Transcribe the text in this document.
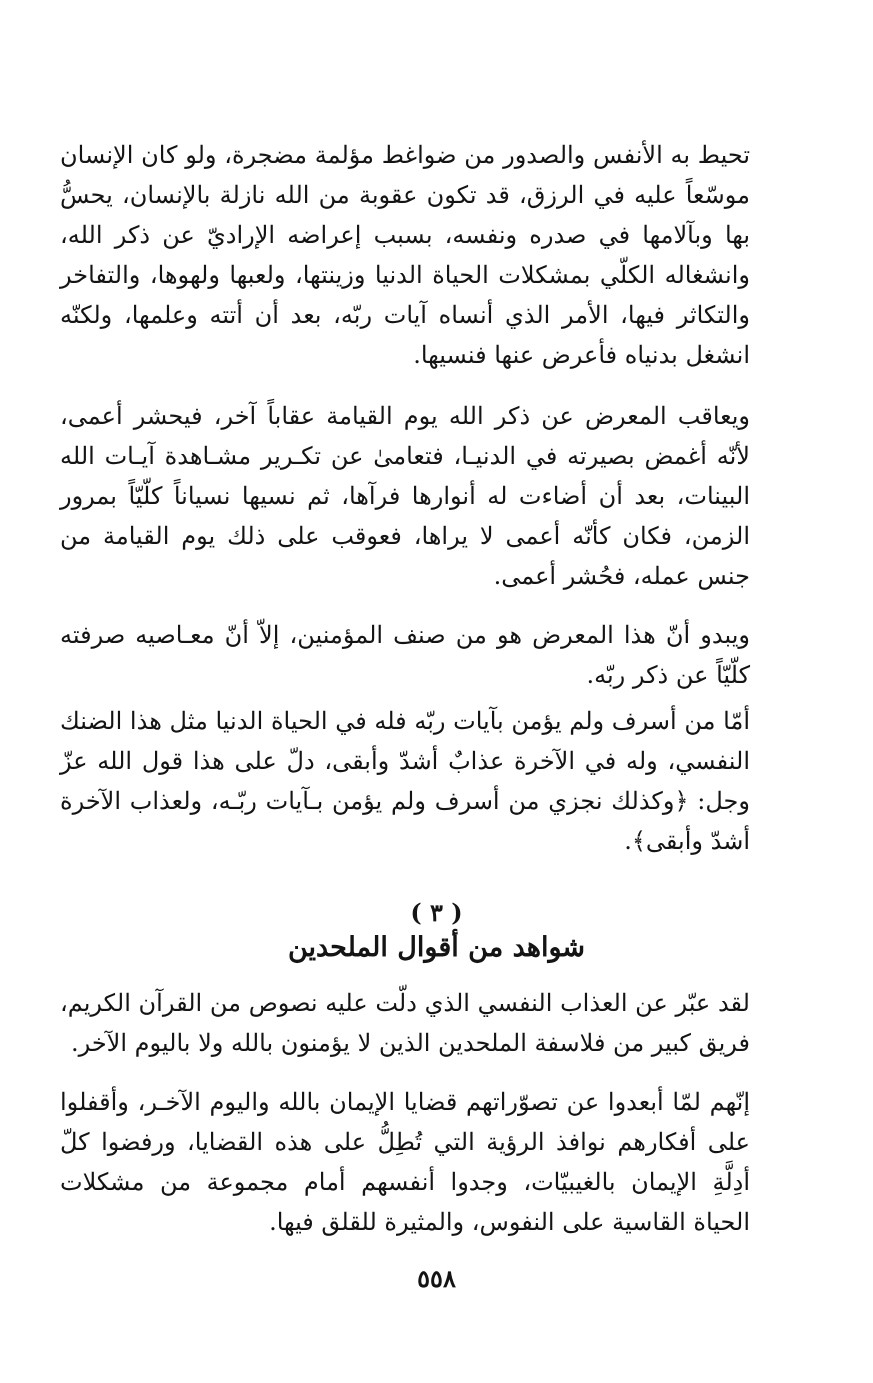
تحيط به الأنفس والصدور من ضواغط مؤلمة مضجرة، ولو كان الإنسان موسّعاً عليه في الرزق، قد تكون عقوبة من الله نازلة بالإنسان، يحسُّ بها وبآلامها في صدره ونفسه، بسبب إعراضه الإراديّ عن ذكر الله، وانشغاله الكلّي بمشكلات الحياة الدنيا وزينتها، ولعبها ولهوها، والتفاخر والتكاثر فيها، الأمر الذي أنساه آيات ربّه، بعد أن أتته وعلمها، ولكنّه انشغل بدنياه فأعرض عنها فنسيها.

ويعاقب المعرض عن ذكر الله يوم القيامة عقاباً آخر، فيحشر أعمى، لأنّه أغمض بصيرته في الدنيـا، فتعامىٰ عن تكـرير مشـاهدة آيـات الله البينات، بعد أن أضاءت له أنوارها فرآها، ثم نسيها نسياناً كلّيّاً بمرور الزمن، فكان كأنّه أعمى لا يراها، فعوقب على ذلك يوم القيامة من جنس عمله، فحُشر أعمى.

ويبدو أنّ هذا المعرض هو من صنف المؤمنين، إلاّ أنّ معـاصيه صرفته كلّيّاً عن ذكر ربّه.

أمّا من أسرف ولم يؤمن بآيات ربّه فله في الحياة الدنيا مثل هذا الضنك النفسي، وله في الآخرة عذابٌ أشدّ وأبقى، دلّ على هذا قول الله عزّ وجل: ﴿وكذلك نجزي من أسرف ولم يؤمن بـآيات ربّـه، ولعذاب الآخرة أشدّ وأبقى﴾.

( ٣ )
شواهد من أقوال الملحدين

لقد عبّر عن العذاب النفسي الذي دلّت عليه نصوص من القرآن الكريم، فريق كبير من فلاسفة الملحدين الذين لا يؤمنون بالله ولا باليوم الآخر.

إنّهم لمّا أبعدوا عن تصوّراتهم قضايا الإيمان بالله واليوم الآخـر، وأقفلوا على أفكارهم نوافذ الرؤية التي تُطِلُّ على هذه القضايا، ورفضوا كلّ أدِلَّةِ الإيمان بالغيبيّات، وجدوا أنفسهم أمام مجموعة من مشكلات الحياة القاسية على النفوس، والمثيرة للقلق فيها.

٥٥٨
